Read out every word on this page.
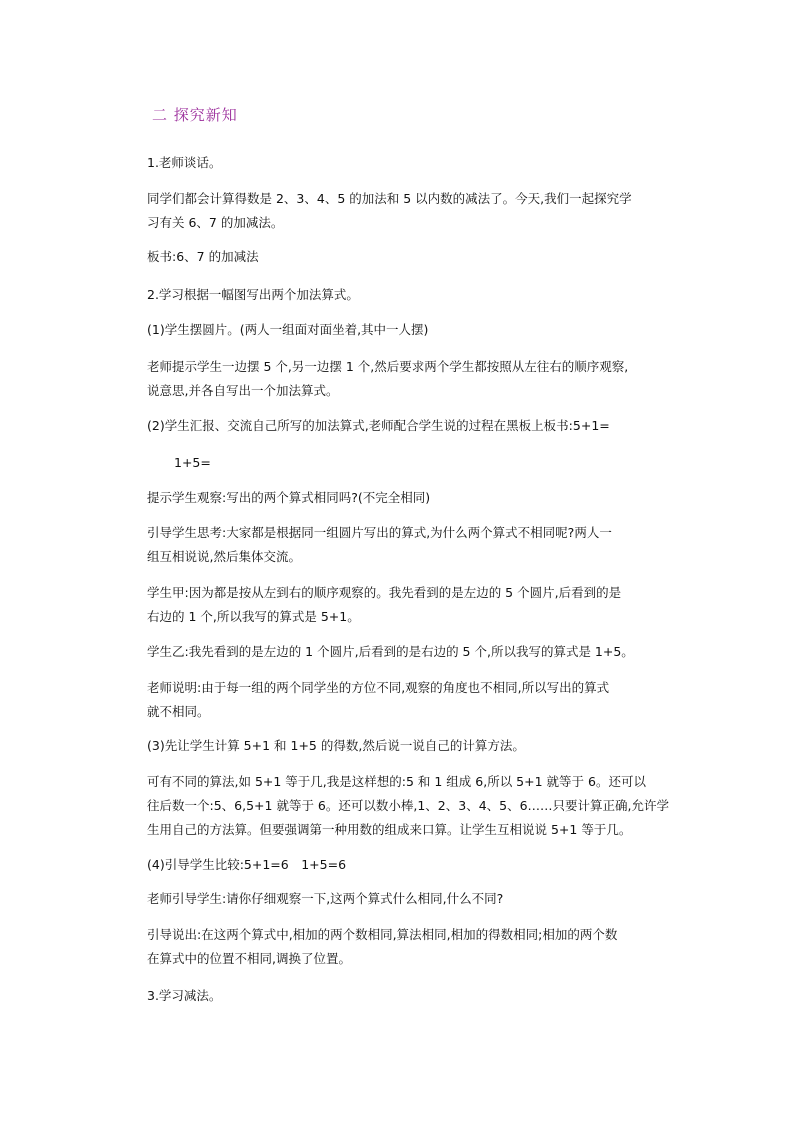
二 探究新知
1.老师谈话。
同学们都会计算得数是 2、3、4、5 的加法和 5 以内数的减法了。今天,我们一起探究学
习有关 6、7 的加减法。
板书:6、7 的加减法
2.学习根据一幅图写出两个加法算式。
(1)学生摆圆片。(两人一组面对面坐着,其中一人摆)
老师提示学生一边摆 5 个,另一边摆 1 个,然后要求两个学生都按照从左往右的顺序观察,
说意思,并各自写出一个加法算式。
(2)学生汇报、交流自己所写的加法算式,老师配合学生说的过程在黑板上板书:5+1=
1+5=
提示学生观察:写出的两个算式相同吗?(不完全相同)
引导学生思考:大家都是根据同一组圆片写出的算式,为什么两个算式不相同呢?两人一
组互相说说,然后集体交流。
学生甲:因为都是按从左到右的顺序观察的。我先看到的是左边的 5 个圆片,后看到的是
右边的 1 个,所以我写的算式是 5+1。
学生乙:我先看到的是左边的 1 个圆片,后看到的是右边的 5 个,所以我写的算式是 1+5。
老师说明:由于每一组的两个同学坐的方位不同,观察的角度也不相同,所以写出的算式
就不相同。
(3)先让学生计算 5+1 和 1+5 的得数,然后说一说自己的计算方法。
可有不同的算法,如 5+1 等于几,我是这样想的:5 和 1 组成 6,所以 5+1 就等于 6。还可以
往后数一个:5、6,5+1 就等于 6。还可以数小棒,1、2、3、4、5、6……只要计算正确,允许学
生用自己的方法算。但要强调第一种用数的组成来口算。让学生互相说说 5+1 等于几。
(4)引导学生比较:5+1=6　1+5=6
老师引导学生:请你仔细观察一下,这两个算式什么相同,什么不同?
引导说出:在这两个算式中,相加的两个数相同,算法相同,相加的得数相同;相加的两个数
在算式中的位置不相同,调换了位置。
3.学习减法。
